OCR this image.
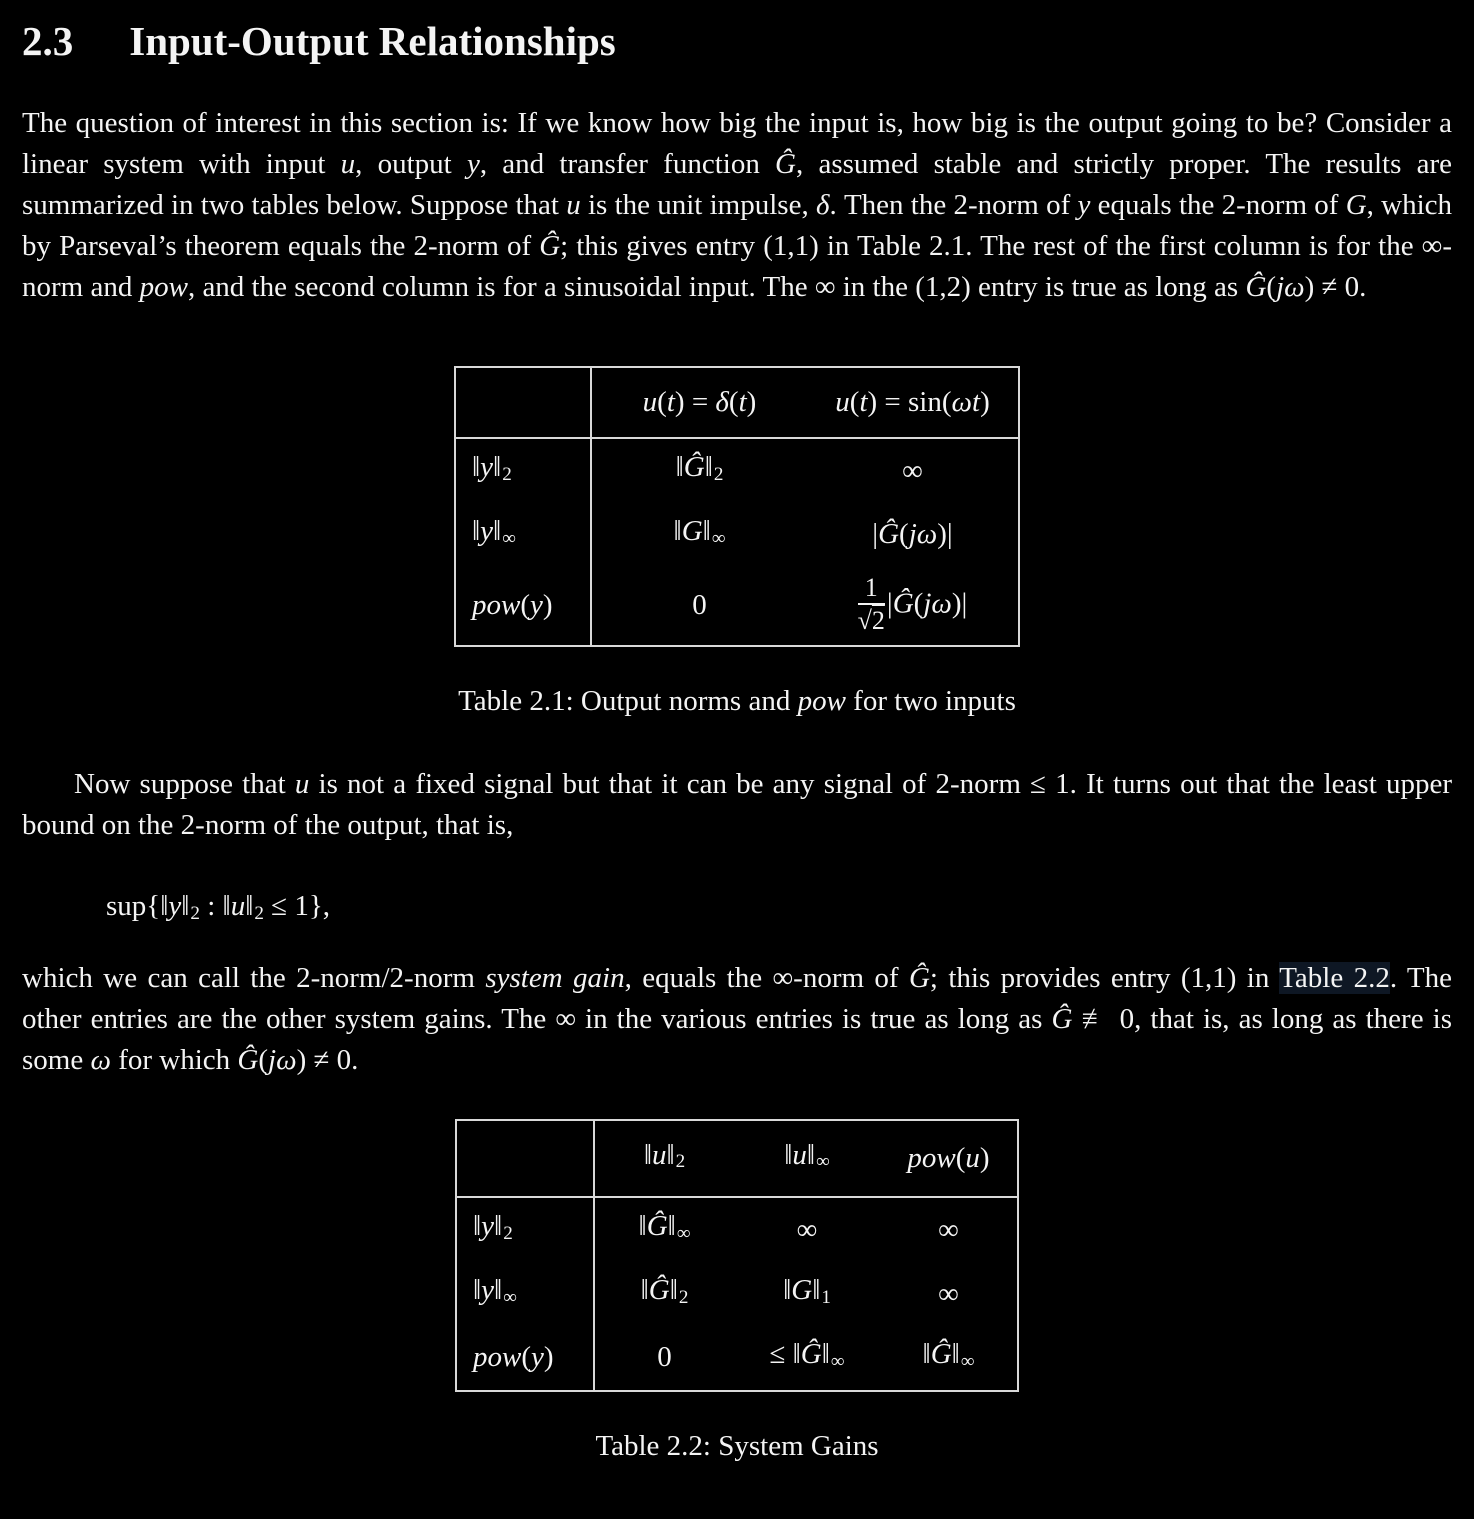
2.3 Input-Output Relationships

The question of interest in this section is: If we know how big the input is, how big is the output going to be? Consider a linear system with input u, output y, and transfer function Ĝ, assumed stable and strictly proper. The results are summarized in two tables below. Suppose that u is the unit impulse, δ. Then the 2-norm of y equals the 2-norm of G, which by Parseval’s theorem equals the 2-norm of Ĝ; this gives entry (1,1) in Table 2.1. The rest of the first column is for the ∞-norm and pow, and the second column is for a sinusoidal input. The ∞ in the (1,2) entry is true as long as Ĝ(jω) ≠ 0.

	u(t) = δ(t)	u(t) = sin(ωt)
‖y‖2	‖Ĝ‖2	∞
‖y‖∞	‖G‖∞	|Ĝ(jω)|
pow(y)	0	$\frac{1}{√2}$ |Ĝ(jω)|

Table 2.1: Output norms and pow for two inputs

Now suppose that u is not a fixed signal but that it can be any signal of 2-norm ≤ 1. It turns out that the least upper bound on the 2-norm of the output, that is,

sup{‖y‖2 : ‖u‖2 ≤ 1},

which we can call the 2-norm/2-norm system gain, equals the ∞-norm of Ĝ; this provides entry (1,1) in Table 2.2. The other entries are the other system gains. The ∞ in the various entries is true as long as Ĝ ≢ 0, that is, as long as there is some ω for which Ĝ(jω) ≠ 0.

	‖u‖2	‖u‖∞	pow(u)
‖y‖2	‖Ĝ‖∞	∞	∞
‖y‖∞	‖Ĝ‖2	‖G‖1	∞
pow(y)	0	≤ ‖Ĝ‖∞	‖Ĝ‖∞

Table 2.2: System Gains
